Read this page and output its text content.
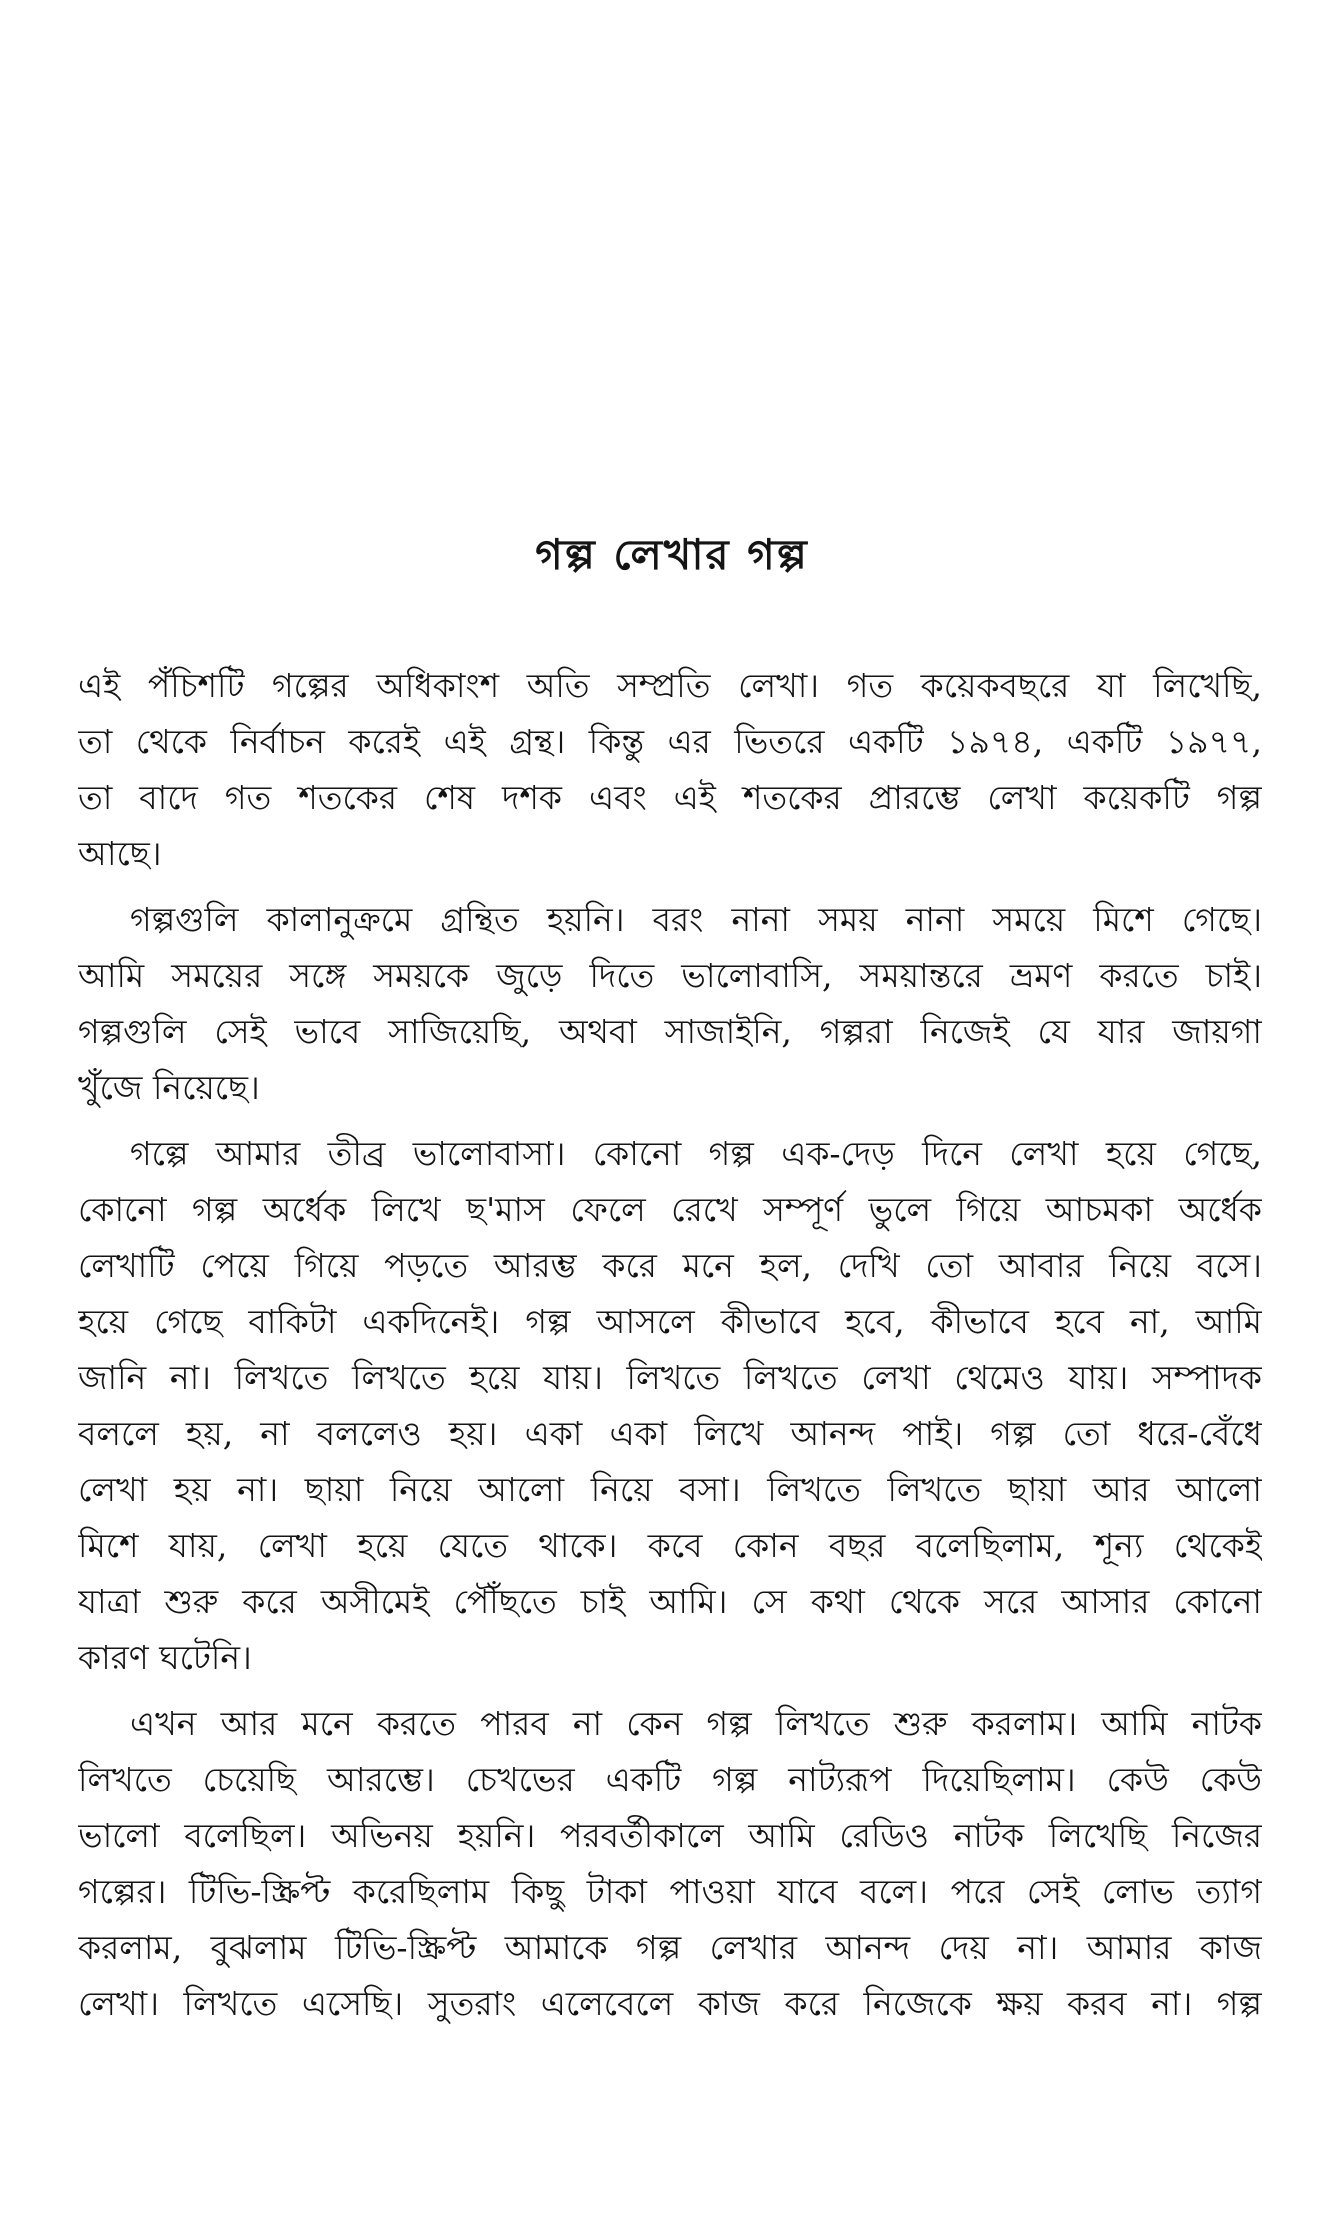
গল্প লেখার গল্প
এই পঁচিশটি গল্পের অধিকাংশ অতি সম্প্রতি লেখা। গত কয়েকবছরে যা লিখেছি,
তা থেকে নির্বাচন করেই এই গ্রন্থ। কিন্তু এর ভিতরে একটি ১৯৭৪, একটি ১৯৭৭,
তা বাদে গত শতকের শেষ দশক এবং এই শতকের প্রারম্ভে লেখা কয়েকটি গল্প
আছে।
গল্পগুলি কালানুক্রমে গ্রন্থিত হয়নি। বরং নানা সময় নানা সময়ে মিশে গেছে।
আমি সময়ের সঙ্গে সময়কে জুড়ে দিতে ভালোবাসি, সময়ান্তরে ভ্রমণ করতে চাই।
গল্পগুলি সেই ভাবে সাজিয়েছি, অথবা সাজাইনি, গল্পরা নিজেই যে যার জায়গা
খুঁজে নিয়েছে।
গল্পে আমার তীব্র ভালোবাসা। কোনো গল্প এক-দেড় দিনে লেখা হয়ে গেছে,
কোনো গল্প অর্ধেক লিখে ছ'মাস ফেলে রেখে সম্পূর্ণ ভুলে গিয়ে আচমকা অর্ধেক
লেখাটি পেয়ে গিয়ে পড়তে আরম্ভ করে মনে হল, দেখি তো আবার নিয়ে বসে।
হয়ে গেছে বাকিটা একদিনেই। গল্প আসলে কীভাবে হবে, কীভাবে হবে না, আমি
জানি না। লিখতে লিখতে হয়ে যায়। লিখতে লিখতে লেখা থেমেও যায়। সম্পাদক
বললে হয়, না বললেও হয়। একা একা লিখে আনন্দ পাই। গল্প তো ধরে-বেঁধে
লেখা হয় না। ছায়া নিয়ে আলো নিয়ে বসা। লিখতে লিখতে ছায়া আর আলো
মিশে যায়, লেখা হয়ে যেতে থাকে। কবে কোন বছর বলেছিলাম, শূন্য থেকেই
যাত্রা শুরু করে অসীমেই পৌঁছতে চাই আমি। সে কথা থেকে সরে আসার কোনো
কারণ ঘটেনি।
এখন আর মনে করতে পারব না কেন গল্প লিখতে শুরু করলাম। আমি নাটক
লিখতে চেয়েছি আরম্ভে। চেখভের একটি গল্প নাট্যরূপ দিয়েছিলাম। কেউ কেউ
ভালো বলেছিল। অভিনয় হয়নি। পরবর্তীকালে আমি রেডিও নাটক লিখেছি নিজের
গল্পের। টিভি-স্ক্রিপ্ট করেছিলাম কিছু টাকা পাওয়া যাবে বলে। পরে সেই লোভ ত্যাগ
করলাম, বুঝলাম টিভি-স্ক্রিপ্ট আমাকে গল্প লেখার আনন্দ দেয় না। আমার কাজ
লেখা। লিখতে এসেছি। সুতরাং এলেবেলে কাজ করে নিজেকে ক্ষয় করব না। গল্প
